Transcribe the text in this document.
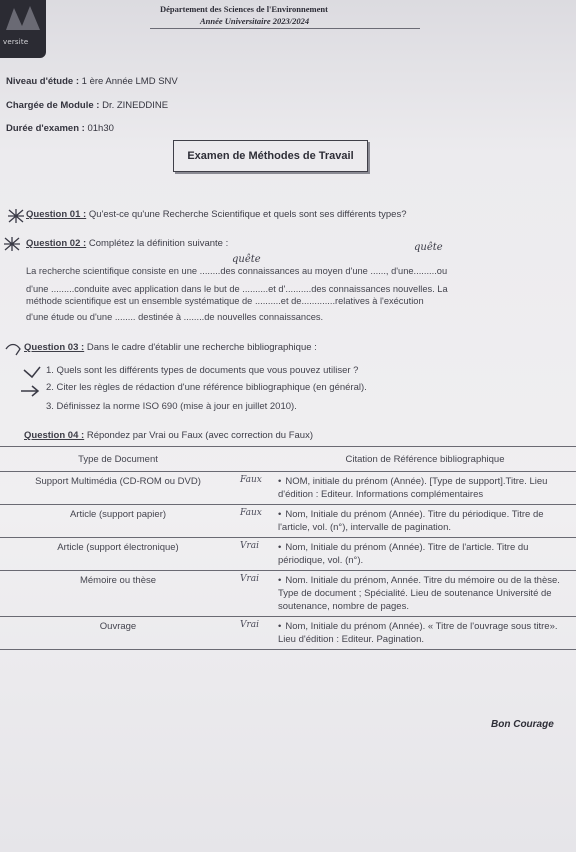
versite
Département des Sciences de l'Environnement
Année Universitaire 2023/2024
Niveau d'étude : 1 ère Année LMD SNV
Chargée de Module : Dr. ZINEDDINE
Durée d'examen : 01h30
Examen de Méthodes de Travail
Question 01 : Qu'est-ce qu'une Recherche Scientifique et quels sont ses différents types?
Question 02 : Complétez la définition suivante :
quête
quête
La recherche scientifique consiste en une ........des connaissances au moyen d'une ......, d'une.........ou
d'une .........conduite avec application dans le but de ..........et d'..........des connaissances nouvelles. La
méthode scientifique est un ensemble systématique de ..........et de.............relatives à l'exécution
d'une étude ou d'une ........ destinée à ........de nouvelles connaissances.
Question 03 : Dans le cadre d'établir une recherche bibliographique :
1. Quels sont les différents types de documents que vous pouvez utiliser ?
2. Citer les règles de rédaction d'une référence bibliographique (en général).
3. Définissez la norme ISO 690 (mise à jour en juillet 2010).
Question 04 : Répondez par Vrai ou Faux (avec correction du Faux)
Type de Document		Citation de Référence bibliographique
Support Multimédia (CD-ROM ou DVD)	Faux	• NOM, initiale du prénom (Année). [Type de support].Titre. Lieu d'édition : Editeur. Informations complémentaires
Article (support papier)	Faux	• Nom, Initiale du prénom (Année). Titre du périodique. Titre de l'article, vol. (n°), intervalle de pagination.
Article (support électronique)	Vrai	• Nom, Initiale du prénom (Année). Titre de l'article. Titre du périodique, vol. (n°).
Mémoire ou thèse	Vrai	• Nom. Initiale du prénom, Année. Titre du mémoire ou de la thèse. Type de document ; Spécialité. Lieu de soutenance Université de soutenance, nombre de pages.
Ouvrage	Vrai	• Nom, Initiale du prénom (Année). « Titre de l'ouvrage sous titre». Lieu d'édition : Editeur. Pagination.
Bon Courage
